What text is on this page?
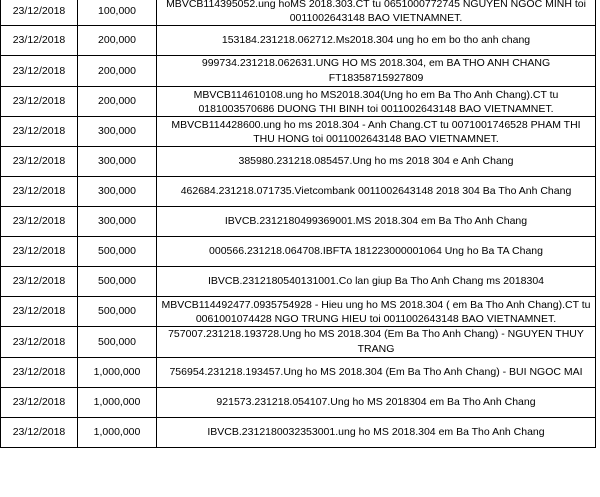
23/12/2018	100,000	MBVCB114395052.ung hoMS 2018.303.CT tu 0651000772745 NGUYEN NGOC MINH toi 0011002643148 BAO VIETNAMNET.
23/12/2018	200,000	153184.231218.062712.Ms2018.304 ung ho em bo tho anh chang
23/12/2018	200,000	999734.231218.062631.UNG HO MS 2018.304, em BA THO ANH CHANG FT18358715927809
23/12/2018	200,000	MBVCB114610108.ung ho MS2018.304(Ung ho em Ba Tho Anh Chang).CT tu 0181003570686 DUONG THI BINH toi 0011002643148 BAO VIETNAMNET.
23/12/2018	300,000	MBVCB114428600.ung ho ms 2018.304 - Anh Chang.CT tu 0071001746528 PHAM THI THU HONG toi 0011002643148 BAO VIETNAMNET.
23/12/2018	300,000	385980.231218.085457.Ung ho ms 2018 304 e Anh Chang
23/12/2018	300,000	462684.231218.071735.Vietcombank 0011002643148 2018 304 Ba Tho Anh Chang
23/12/2018	300,000	IBVCB.2312180499369001.MS 2018.304 em Ba Tho Anh Chang
23/12/2018	500,000	000566.231218.064708.IBFTA 181223000001064 Ung ho Ba TA Chang
23/12/2018	500,000	IBVCB.2312180540131001.Co lan giup Ba Tho Anh Chang ms 2018304
23/12/2018	500,000	MBVCB114492477.0935754928 - Hieu ung ho MS 2018.304 ( em Ba Tho Anh Chang).CT tu 0061001074428 NGO TRUNG HIEU toi 0011002643148 BAO VIETNAMNET.
23/12/2018	500,000	757007.231218.193728.Ung ho MS 2018.304 (Em Ba Tho Anh Chang) - NGUYEN THUY TRANG
23/12/2018	1,000,000	756954.231218.193457.Ung ho MS 2018.304 (Em Ba Tho Anh Chang) - BUI NGOC MAI
23/12/2018	1,000,000	921573.231218.054107.Ung ho MS 2018304 em Ba Tho Anh Chang
23/12/2018	1,000,000	IBVCB.2312180032353001.ung ho MS 2018.304 em Ba Tho Anh Chang
